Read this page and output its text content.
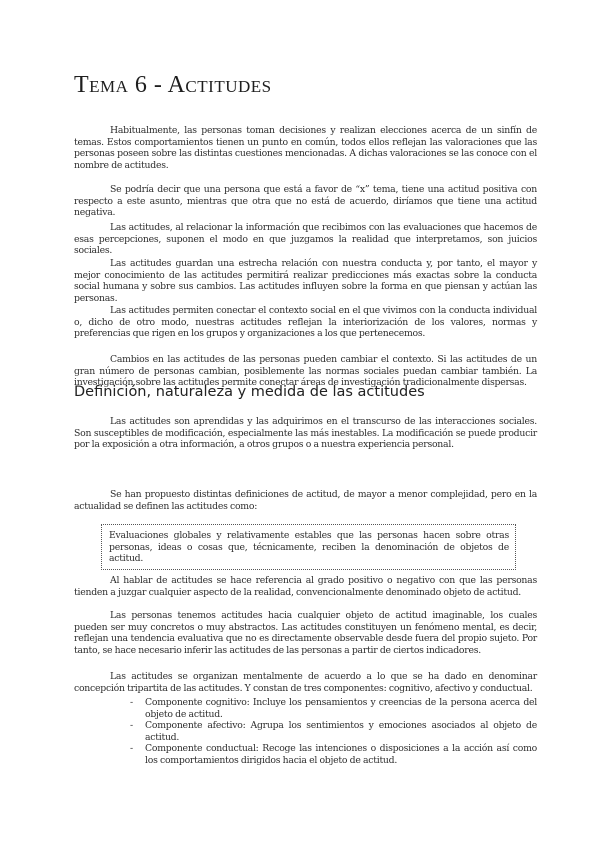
Tema 6 - Actitudes

Habitualmente, las personas toman decisiones y realizan elecciones acerca de un sinfín de temas. Estos comportamientos tienen un punto en común, todos ellos reflejan las valoraciones que las personas poseen sobre las distintas cuestiones mencionadas. A dichas valoraciones se las conoce con el nombre de actitudes.

Se podría decir que una persona que está a favor de “x” tema, tiene una actitud positiva con respecto a este asunto, mientras que otra que no está de acuerdo, diríamos que tiene una actitud negativa.

Las actitudes, al relacionar la información que recibimos con las evaluaciones que hacemos de esas percepciones, suponen el modo en que juzgamos la realidad que interpretamos, son juicios sociales.

Las actitudes guardan una estrecha relación con nuestra conducta y, por tanto, el mayor y mejor conocimiento de las actitudes permitirá realizar predicciones más exactas sobre la conducta social humana y sobre sus cambios. Las actitudes influyen sobre la forma en que piensan y actúan las personas.

Las actitudes permiten conectar el contexto social en el que vivimos con la conducta individual o, dicho de otro modo, nuestras actitudes reflejan la interiorización de los valores, normas y preferencias que rigen en los grupos y organizaciones a los que pertenecemos.

Cambios en las actitudes de las personas pueden cambiar el contexto. Si las actitudes de un gran número de personas cambian, posiblemente las normas sociales puedan cambiar también. La investigación sobre las actitudes permite conectar áreas de investigación tradicionalmente dispersas.

Definición, naturaleza y medida de las actitudes

Las actitudes son aprendidas y las adquirimos en el transcurso de las interacciones sociales. Son susceptibles de modificación, especialmente las más inestables. La modificación se puede producir por la exposición a otra información, a otros grupos o a nuestra experiencia personal.

Se han propuesto distintas definiciones de actitud, de mayor a menor complejidad, pero en la actualidad se definen las actitudes como:

Evaluaciones globales y relativamente estables que las personas hacen sobre otras personas, ideas o cosas que, técnicamente, reciben la denominación de objetos de actitud.

Al hablar de actitudes se hace referencia al grado positivo o negativo con que las personas tienden a juzgar cualquier aspecto de la realidad, convencionalmente denominado objeto de actitud.

Las personas tenemos actitudes hacia cualquier objeto de actitud imaginable, los cuales pueden ser muy concretos o muy abstractos. Las actitudes constituyen un fenómeno mental, es decir, reflejan una tendencia evaluativa que no es directamente observable desde fuera del propio sujeto. Por tanto, se hace necesario inferir las actitudes de las personas a partir de ciertos indicadores.

Las actitudes se organizan mentalmente de acuerdo a lo que se ha dado en denominar concepción tripartita de las actitudes. Y constan de tres componentes: cognitivo, afectivo y conductual.

- Componente cognitivo: Incluye los pensamientos y creencias de la persona acerca del objeto de actitud.
- Componente afectivo: Agrupa los sentimientos y emociones asociados al objeto de actitud.
- Componente conductual: Recoge las intenciones o disposiciones a la acción así como los comportamientos dirigidos hacia el objeto de actitud.
